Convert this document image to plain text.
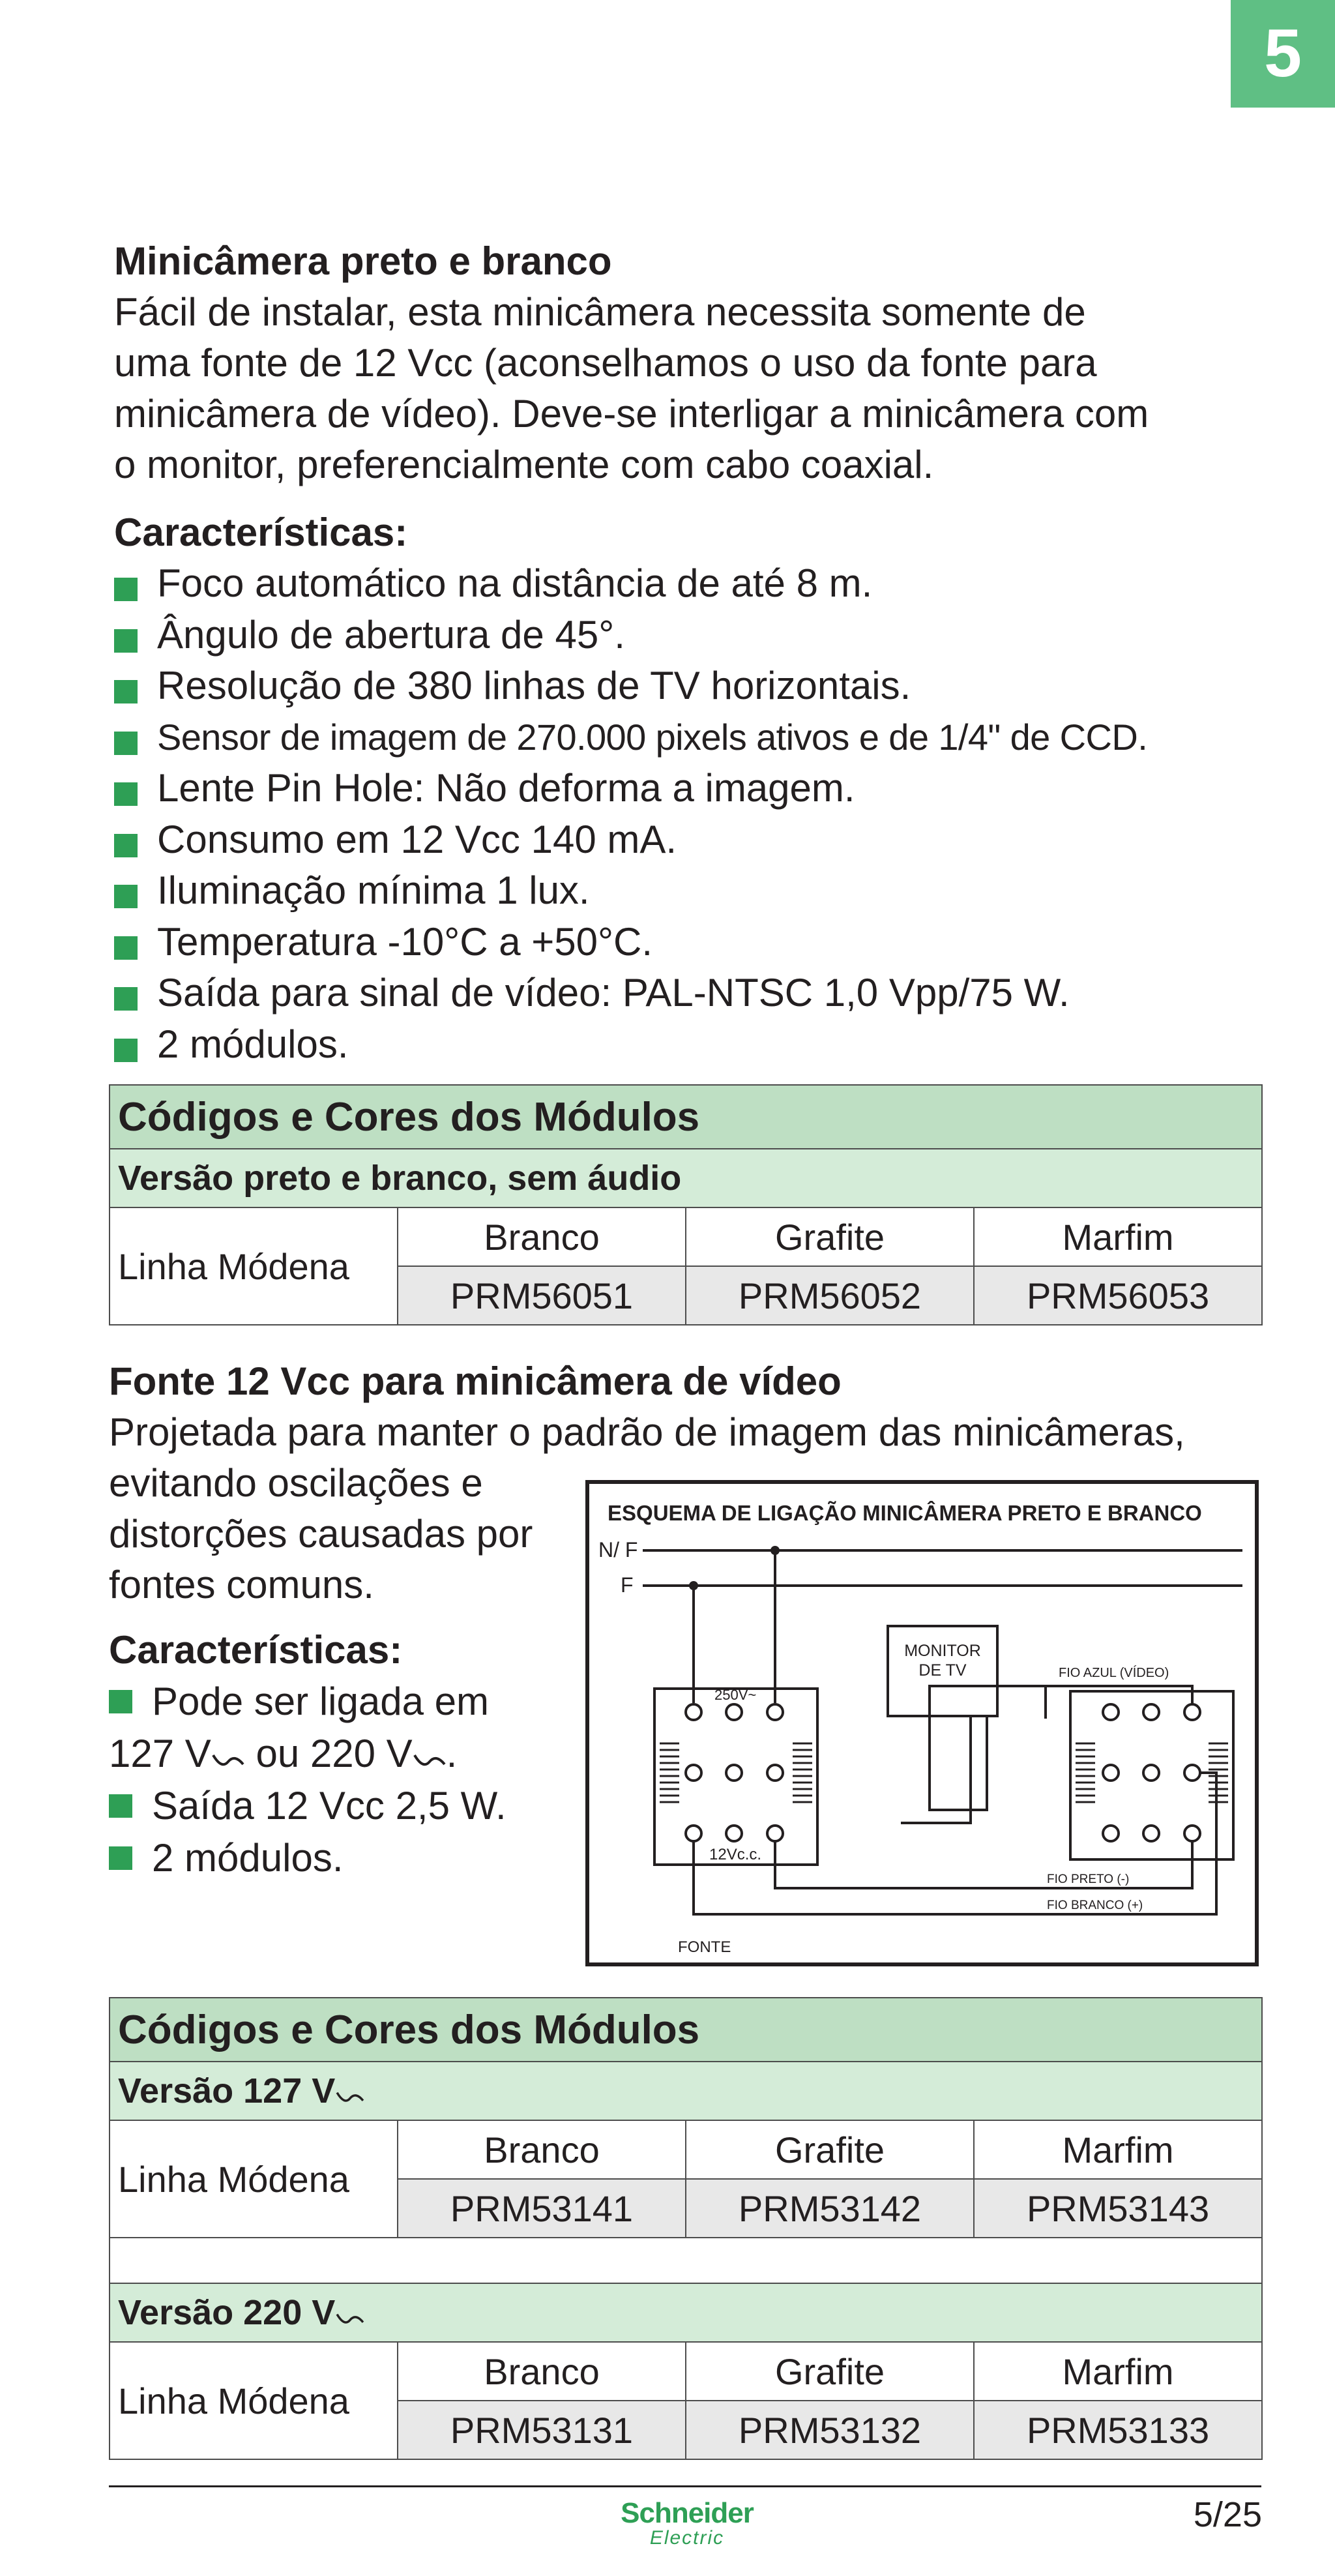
5
Minicâmera preto e branco
Fácil de instalar, esta minicâmera necessita somente de
uma fonte de 12 Vcc (aconselhamos o uso da fonte para
minicâmera de vídeo). Deve-se interligar a minicâmera com
o monitor, preferencialmente com cabo coaxial.
Características:
Foco automático na distância de até 8 m.
Ângulo de abertura de 45°.
Resolução de 380 linhas de TV horizontais.
Sensor de imagem de 270.000 pixels ativos e de 1/4" de CCD.
Lente Pin Hole: Não deforma a imagem.
Consumo em 12 Vcc 140 mA.
Iluminação mínima 1 lux.
Temperatura -10°C a +50°C.
Saída para sinal de vídeo: PAL-NTSC 1,0 Vpp/75 W.
2 módulos.
Códigos e Cores dos Módulos			
Versão preto e branco, sem áudio			
Linha Módena	Branco	Grafite	Marfim
	PRM56051	PRM56052	PRM56053
Fonte 12 Vcc para minicâmera de vídeo
Projetada para manter o padrão de imagem das minicâmeras,
evitando oscilações e
distorções causadas por
fontes comuns.
Características:
Pode ser ligada em
127 V ou 220 V .
Saída 12 Vcc 2,5 W.
2 módulos.
ESQUEMA DE LIGAÇÃO MINICÂMERA PRETO E BRANCO
N/ F
F
250V~
12Vc.c.
MONITOR
DE TV	FIO AZUL (VÍDEO)
FIO PRETO (-)
FIO BRANCO (+)
FONTE
Códigos e Cores dos Módulos			
Versão 127 V			
Linha Módena	Branco	Grafite	Marfim
	PRM53141	PRM53142	PRM53143

Versão 220 V			
Linha Módena	Branco	Grafite	Marfim
	PRM53131	PRM53132	PRM53133
Schneider
Electric
5/25
